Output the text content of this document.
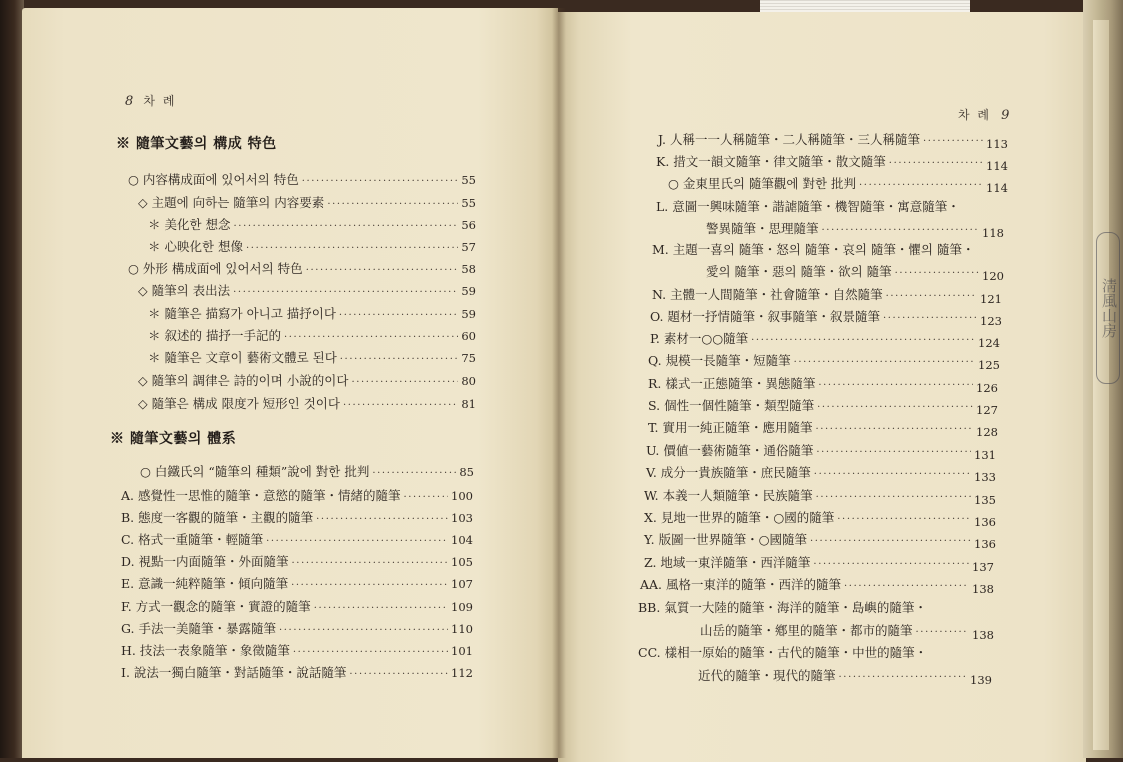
8 차 례
※ 隨筆文藝의 構成 特色
○ 内容構成面에 있어서의 特色 ·····	55
◇ 主題에 向하는 隨筆의 内容要素 ·····	55
＊ 美化한 想念 ·····	56
＊ 心映化한 想像 ·····	57
○ 外形 構成面에 있어서의 特色 ·····	58
◇ 隨筆의 表出法 ·····	59
＊ 隨筆은 描寫가 아니고 描抒이다 ·····	59
＊ 叙述的 描抒一手記的 ·····	60
＊ 隨筆은 文章이 藝術文體로 된다 ·····	75
◇ 隨筆의 調律은 詩的이며 小說的이다 ·····	80
◇ 隨筆은 構成 限度가 短形인 것이다 ·····	81
※ 隨筆文藝의 體系
○ 白鐵氏의 “隨筆의 種類”說에 對한 批判 ·····	85
A. 感覺性一思惟的隨筆・意慾的隨筆・情緒的隨筆 ·····	100
B. 態度一客觀的隨筆・主觀的隨筆 ·····	103
C. 格式一重隨筆・輕隨筆 ·····	104
D. 視點一内面隨筆・外面隨筆 ·····	105
E. 意識一純粹隨筆・傾向隨筆 ·····	107
F. 方式一觀念的隨筆・實證的隨筆 ·····	109
G. 手法一美隨筆・暴露隨筆 ·····	110
H. 技法一表象隨筆・象徵隨筆 ·····	101
I. 說法一獨白隨筆・對話隨筆・說話隨筆 ·····	112
차 례 9
J. 人稱一一人稱隨筆・二人稱隨筆・三人稱隨筆 ·····	113
K. 措文一韻文隨筆・律文隨筆・散文隨筆 ·····	114
○ 金東里氏의 隨筆觀에 對한 批判 ·····	114
L. 意圖一興味隨筆・諧謔隨筆・機智隨筆・寓意隨筆・
警異隨筆・思理隨筆 ·····	118
M. 主題一喜의 隨筆・怒의 隨筆・哀의 隨筆・懼의 隨筆・
愛의 隨筆・惡의 隨筆・欲의 隨筆 ·····	120
N. 主體一人間隨筆・社會隨筆・自然隨筆 ·····	121
O. 題材一抒情隨筆・叙事隨筆・叙景隨筆 ·····	123
P. 素材一○○隨筆 ·····	124
Q. 規模一長隨筆・短隨筆 ·····	125
R. 樣式一正態隨筆・異態隨筆 ·····	126
S. 個性一個性隨筆・類型隨筆 ·····	127
T. 實用一純正隨筆・應用隨筆 ·····	128
U. 價値一藝術隨筆・通俗隨筆 ·····	131
V. 成分一貴族隨筆・庶民隨筆 ·····	133
W. 本義一人類隨筆・民族隨筆 ·····	135
X. 見地一世界的隨筆・○國的隨筆 ·····	136
Y. 版圖一世界隨筆・○國隨筆 ·····	136
Z. 地域一東洋隨筆・西洋隨筆 ·····	137
AA. 風格一東洋的隨筆・西洋的隨筆 ·····	138
BB. 氣質一大陸的隨筆・海洋的隨筆・島嶼的隨筆・
山岳的隨筆・鄕里的隨筆・都市的隨筆 ·····	138
CC. 樣相一原始的隨筆・古代的隨筆・中世的隨筆・
近代的隨筆・現代的隨筆 ·····	139
淸風山房
